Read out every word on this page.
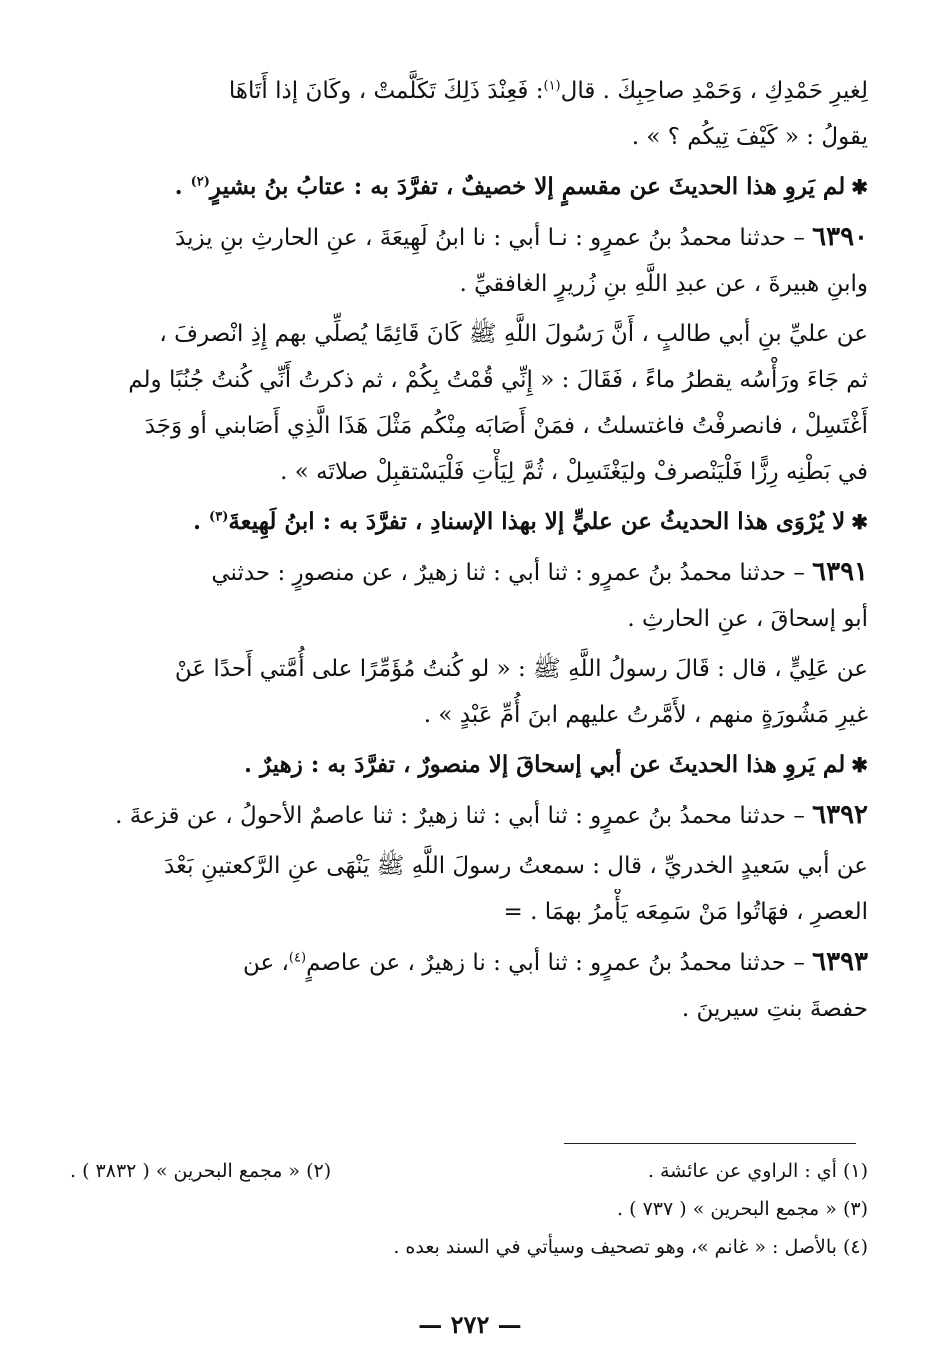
لِغيرِ حَمْدِكِ ، وَحَمْدِ صاحِبِكَ . قال$^{(١)}$: فَعِنْدَ ذَلِكَ تَكَلَّمتْ ، وكَانَ إذا أَتَاهَا
يقولُ : « كَيْفَ تِيكُم ؟ » .
✱لم يَروِ هذا الحديثَ عن مقسمٍ إلا خصيفٌ ، تفرَّدَ به : عتابُ بنُ بشيرٍ$^{(٢)}$ .
٦٣٩٠ – حدثنا محمدُ بنُ عمرٍو : نـا أبي : نا ابنُ لَهِيعَةَ ، عنِ الحارثِ بنِ يزيدَ
وابنِ هبيرةَ ، عن عبدِ اللَّهِ بنِ زُريرٍ الغافقيِّ .
عن عليِّ بنِ أبي طالبٍ ، أَنَّ رَسُولَ اللَّهِ ﷺ كَانَ قَائِمًا يُصلِّي بهم إِذِ انْصرفَ ،
ثم جَاءَ ورَأْسُه يقطرُ ماءً ، فَقَالَ : « إِنِّي قُمْتُ بِكُمْ ، ثم ذكرتُ أَنِّي كُنتُ جُنُبًا ولم
أَغْتَسِلْ ، فانصرفْتُ فاغتسلتُ ، فمَنْ أَصَابَه مِنْكُم مَثْلَ هَذَا الَّذِي أَصَابني أو وَجَدَ
في بَطْنِه رِزًّا فَلْيَنْصرفْ وليَغْتَسِلْ ، ثُمَّ لِيَأْتِ فَلْيَسْتقبِلْ صلاتَه » .
✱لا يُرْوَى هذا الحديثُ عن عليٍّ إلا بهذا الإسنادِ ، تفرَّدَ به : ابنُ لَهِيعةَ$^{(٣)}$ .
٦٣٩١ – حدثنا محمدُ بنُ عمرٍو : ثنا أبي : ثنا زهيرٌ ، عن منصورٍ : حدثني
أبو إسحاقَ ، عنِ الحارثِ .
عن عَلِيٍّ ، قال : قَالَ رسولُ اللَّهِ ﷺ : « لو كُنتُ مُؤَمِّرًا على أُمَّتي أَحدًا عَنْ
غيرِ مَشُورَةٍ منهم ، لأَمَّرتُ عليهم ابنَ أُمِّ عَبْدٍ » .
✱لم يَروِ هذا الحديثَ عن أبي إسحاقَ إلا منصورٌ ، تفرَّدَ به : زهيرٌ .
٦٣٩٢ – حدثنا محمدُ بنُ عمرٍو : ثنا أبي : ثنا زهيرٌ : ثنا عاصمٌ الأحولُ ، عن قزعةَ .
عن أبي سَعيدٍ الخدريِّ ، قال : سمعتُ رسولَ اللَّهِ ﷺ يَنْهَى عنِ الرَّكعتينِ بَعْدَ
العصرِ ، فهَاتُوا مَنْ سَمِعَه يَأْمرُ بهمَا . =
٦٣٩٣ – حدثنا محمدُ بنُ عمرٍو : ثنا أبي : نا زهيرٌ ، عن عاصمٍ$^{(٤)}$، عن
حفصةَ بنتِ سيرينَ .
(١) أي : الراوي عن عائشة .
(٢) « مجمع البحرين » ( ٣٨٣٢ ) .
(٣) « مجمع البحرين » ( ٧٣٧ ) .
(٤) بالأصل : « غانم »، وهو تصحيف وسيأتي في السند بعده .
— ٢٧٢ —
